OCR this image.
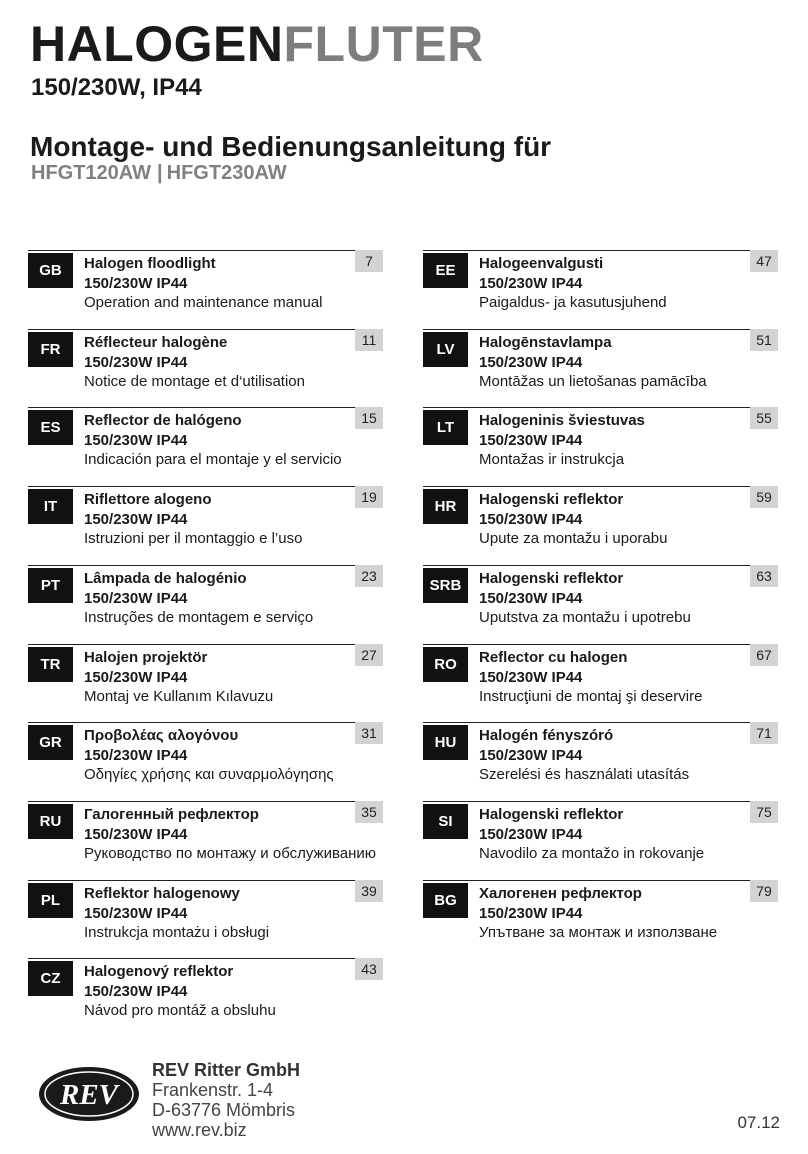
HALOGENFLUTER
150/230W, IP44
Montage- und Bedienungsanleitung für
HFGT120AW | HFGT230AW
GB
7
Halogen floodlight
150/230W IP44
Operation and maintenance manual
FR
11
Réflecteur halogène
150/230W IP44
Notice de montage et d‘utilisation
ES
15
Reflector de halógeno
150/230W IP44
Indicación para el montaje y el servicio
IT
19
Riflettore alogeno
150/230W IP44
Istruzioni per il montaggio e l’uso
PT
23
Lâmpada de halogénio
150/230W IP44
Instruções de montagem e serviço
TR
27
Halojen projektör
150/230W IP44
Montaj ve Kullanım Kılavuzu
GR
31
Προβολέας αλογόνου
150/230W IP44
Οδηγίες χρήσης και συναρμολόγησης
RU
35
Галогенный рефлектор
150/230W IP44
Руководство по монтажу и обслуживанию
PL
39
Reflektor halogenowy
150/230W IP44
Instrukcja montażu i obsługi
CZ
43
Halogenový reflektor
150/230W IP44
Návod pro montáž a obsluhu
EE
47
Halogeenvalgusti
150/230W IP44
Paigaldus- ja kasutusjuhend
LV
51
Halogēnstavlampa
150/230W IP44
Montāžas un lietošanas pamācība
LT
55
Halogeninis šviestuvas
150/230W IP44
Montažas ir instrukcja
HR
59
Halogenski reflektor
150/230W IP44
Upute za montažu i uporabu
SRB
63
Halogenski reflektor
150/230W IP44
Uputstva za montažu i upotrebu
RO
67
Reflector cu halogen
150/230W IP44
Instrucţiuni de montaj şi deservire
HU
71
Halogén fényszóró
150/230W IP44
Szerelési és használati utasítás
SI
75
Halogenski reflektor
150/230W IP44
Navodilo za montažo in rokovanje
BG
79
Халогенен рефлектор
150/230W IP44
Упътване за монтаж и използване
REV
REV Ritter GmbH
Frankenstr. 1-4
D-63776 Mömbris
www.rev.biz	07.12
